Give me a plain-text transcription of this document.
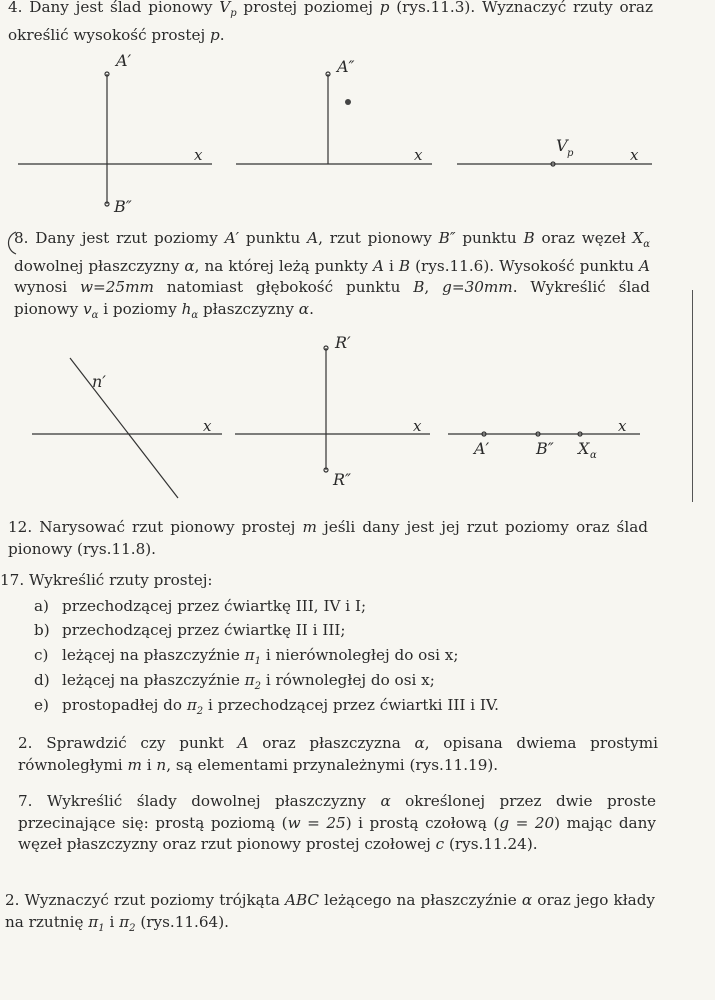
4. Dany jest ślad pionowy $V_p$ prostej poziomej p (rys.11.3). Wyznaczyć rzuty oraz określić wysokość prostej p.

A′
B″
x
A″
x	V p	x

8. Dany jest rzut poziomy A′ punktu A, rzut pionowy B″ punktu B oraz węzeł $X_\alpha$ dowolnej płaszczyzny α, na której leżą punkty A i B (rys.11.6). Wysokość punktu A wynosi w=25mm natomiast głębokość punktu B, g=30mm. Wykreślić ślad pionowy $v_\alpha$ i poziomy $h_\alpha$ płaszczyzny α.

n′
x
R′
x
R″
x
A′	B″ X α

12. Narysować rzut pionowy prostej m jeśli dany jest jej rzut poziomy oraz ślad pionowy (rys.11.8).

17. Wykreślić rzuty prostej:

a) przechodzącej przez ćwiartkę III, IV i I;
b) przechodzącej przez ćwiartkę II i III;
c) leżącej na płaszczyźnie $\pi_1$ i nierównoległej do osi x;
d) leżącej na płaszczyźnie $\pi_2$ i równoległej do osi x;
e) prostopadłej do $\pi_2$ i przechodzącej przez ćwiartki III i IV.

2. Sprawdzić czy punkt A oraz płaszczyzna α, opisana dwiema prostymi równoległymi m i n, są elementami przynależnymi (rys.11.19).

7. Wykreślić ślady dowolnej płaszczyzny α określonej przez dwie proste przecinające się: prostą poziomą (w = 25) i prostą czołową (g = 20) mając dany węzeł płaszczyzny oraz rzut pionowy prostej czołowej c (rys.11.24).

2. Wyznaczyć rzut poziomy trójkąta ABC leżącego na płaszczyźnie α oraz jego kłady na rzutnię $\pi_1$ i $\pi_2$ (rys.11.64).
